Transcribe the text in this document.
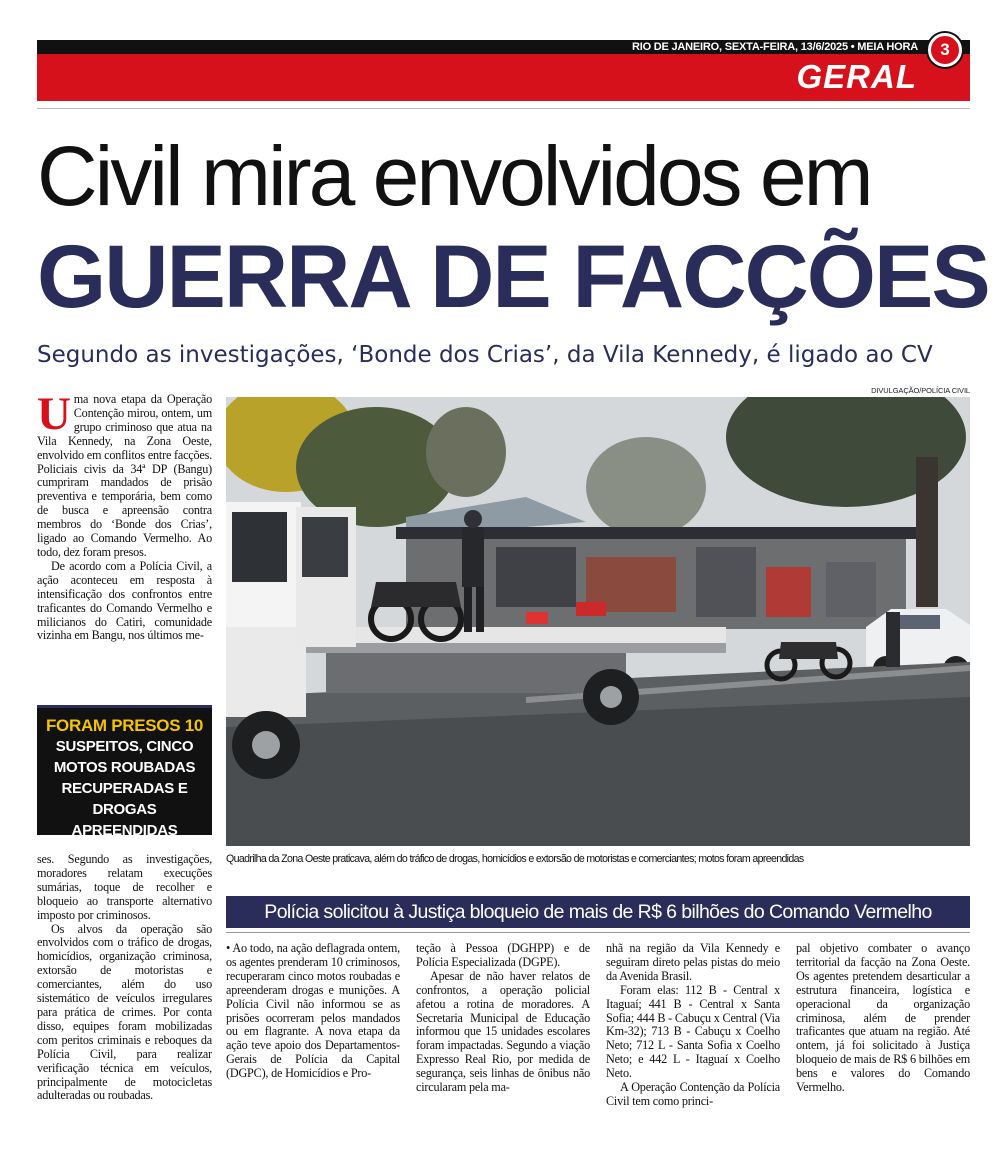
RIO DE JANEIRO, SEXTA-FEIRA, 13/6/2025 • MEIA HORA
GERAL
3
Civil mira envolvidos em
GUERRA DE FACÇÕES
Segundo as investigações, ‘Bonde dos Crias’, da Vila Kennedy, é ligado ao CV

Uma nova etapa da Operação Contenção mirou, ontem, um grupo criminoso que atua na Vila Kennedy, na Zona Oeste, envolvido em conflitos entre facções. Policiais civis da 34ª DP (Bangu) cumpriram mandados de prisão preventiva e temporária, bem como de busca e apreensão contra membros do ‘Bonde dos Crias’, ligado ao Comando Vermelho. Ao todo, dez foram presos.

De acordo com a Polícia Civil, a ação aconteceu em resposta à intensificação dos confrontos entre traficantes do Comando Vermelho e milicianos do Catiri, comunidade vizinha em Bangu, nos últimos me-

FORAM PRESOS 10
SUSPEITOS, CINCO MOTOS ROUBADAS RECUPERADAS E DROGAS APREENDIDAS

ses. Segundo as investigações, moradores relatam execuções sumárias, toque de recolher e bloqueio ao transporte alternativo imposto por criminosos.

Os alvos da operação são envolvidos com o tráfico de drogas, homicídios, organização criminosa, extorsão de motoristas e comerciantes, além do uso sistemático de veículos irregulares para prática de crimes. Por conta disso, equipes foram mobilizadas com peritos criminais e reboques da Polícia Civil, para realizar verificação técnica em veículos, principalmente de motocicletas adulteradas ou roubadas.

DIVULGAÇÃO/POLÍCIA CIVIL
Quadrilha da Zona Oeste praticava, além do tráfico de drogas, homicídios e extorsão de motoristas e comerciantes; motos foram apreendidas
Polícia solicitou à Justiça bloqueio de mais de R$ 6 bilhões do Comando Vermelho

• Ao todo, na ação deflagrada ontem, os agentes prenderam 10 criminosos, recuperaram cinco motos roubadas e apreenderam drogas e munições. A Polícia Civil não informou se as prisões ocorreram pelos mandados ou em flagrante. A nova etapa da ação teve apoio dos Departamentos-Gerais de Polícia da Capital (DGPC), de Homicídios e Pro-

teção à Pessoa (DGHPP) e de Polícia Especializada (DGPE).

Apesar de não haver relatos de confrontos, a operação policial afetou a rotina de moradores. A Secretaria Municipal de Educação informou que 15 unidades escolares foram impactadas. Segundo a viação Expresso Real Rio, por medida de segurança, seis linhas de ônibus não circularam pela ma-

nhã na região da Vila Kennedy e seguiram direto pelas pistas do meio da Avenida Brasil.

Foram elas: 112 B - Central x Itaguaí; 441 B - Central x Santa Sofia; 444 B - Cabuçu x Central (Via Km-32); 713 B - Cabuçu x Coelho Neto; 712 L - Santa Sofia x Coelho Neto; e 442 L - Itaguaí x Coelho Neto.

A Operação Contenção da Polícia Civil tem como princi-

pal objetivo combater o avanço territorial da facção na Zona Oeste. Os agentes pretendem desarticular a estrutura financeira, logística e operacional da organização criminosa, além de prender traficantes que atuam na região. Até ontem, já foi solicitado à Justiça bloqueio de mais de R$ 6 bilhões em bens e valores do Comando Vermelho.
